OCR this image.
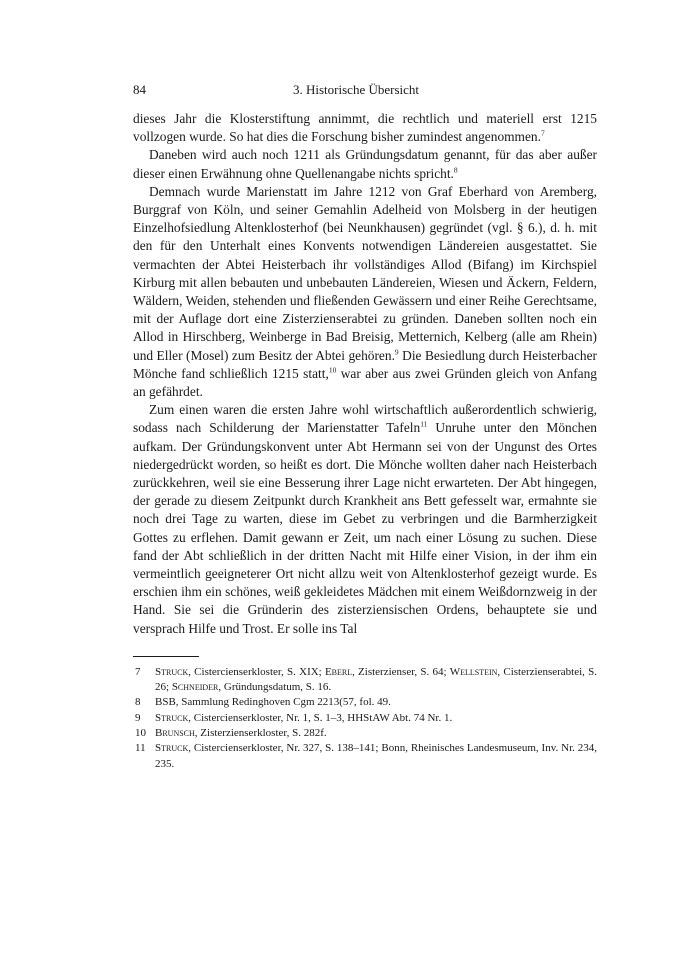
84	3. Historische Übersicht

dieses Jahr die Klosterstiftung annimmt, die rechtlich und materiell erst 1215 vollzogen wurde. So hat dies die Forschung bisher zumindest angenommen.$^7$

Daneben wird auch noch 1211 als Gründungsdatum genannt, für das aber außer dieser einen Erwähnung ohne Quellenangabe nichts spricht.$^8$

Demnach wurde Marienstatt im Jahre 1212 von Graf Eberhard von Aremberg, Burggraf von Köln, und seiner Gemahlin Adelheid von Molsberg in der heutigen Einzelhofsiedlung Altenklosterhof (bei Neunkhausen) gegründet (vgl. § 6.), d. h. mit den für den Unterhalt eines Konvents notwendigen Ländereien ausgestattet. Sie vermachten der Abtei Heisterbach ihr vollständiges Allod (Bifang) im Kirchspiel Kirburg mit allen bebauten und unbebauten Ländereien, Wiesen und Äckern, Feldern, Wäldern, Weiden, stehenden und fließenden Gewässern und einer Reihe Gerechtsame, mit der Auflage dort eine Zisterzienserabtei zu gründen. Daneben sollten noch ein Allod in Hirschberg, Weinberge in Bad Breisig, Metternich, Kelberg (alle am Rhein) und Eller (Mosel) zum Besitz der Abtei gehören.$^9$ Die Besiedlung durch Heisterbacher Mönche fand schließlich 1215 statt,$^{10}$ war aber aus zwei Gründen gleich von Anfang an gefährdet.

Zum einen waren die ersten Jahre wohl wirtschaftlich außerordentlich schwierig, sodass nach Schilderung der Marienstatter Tafeln$^{11}$ Unruhe unter den Mönchen aufkam. Der Gründungskonvent unter Abt Hermann sei von der Ungunst des Ortes niedergedrückt worden, so heißt es dort. Die Mönche wollten daher nach Heisterbach zurückkehren, weil sie eine Besserung ihrer Lage nicht erwarteten. Der Abt hingegen, der gerade zu diesem Zeitpunkt durch Krankheit ans Bett gefesselt war, ermahnte sie noch drei Tage zu warten, diese im Gebet zu verbringen und die Barmherzigkeit Gottes zu erflehen. Damit gewann er Zeit, um nach einer Lösung zu suchen. Diese fand der Abt schließlich in der dritten Nacht mit Hilfe einer Vision, in der ihm ein vermeintlich geeigneterer Ort nicht allzu weit von Altenklosterhof gezeigt wurde. Es erschien ihm ein schönes, weiß gekleidetes Mädchen mit einem Weißdornzweig in der Hand. Sie sei die Gründerin des zisterziensischen Ordens, behauptete sie und versprach Hilfe und Trost. Er solle ins Tal

7	Struck, Cistercienserkloster, S. XIX; Eberl, Zisterzienser, S. 64; Wellstein, Cisterzienserabtei, S. 26; Schneider, Gründungsdatum, S. 16.
8	BSB, Sammlung Redinghoven Cgm 2213(57, fol. 49.
9	Struck, Cistercienserkloster, Nr. 1, S. 1–3, HHStAW Abt. 74 Nr. 1.
10 Brunsch, Zisterzienserkloster, S. 282f.
11 Struck, Cistercienserkloster, Nr. 327, S. 138–141; Bonn, Rheinisches Landesmuseum, Inv. Nr. 234, 235.
